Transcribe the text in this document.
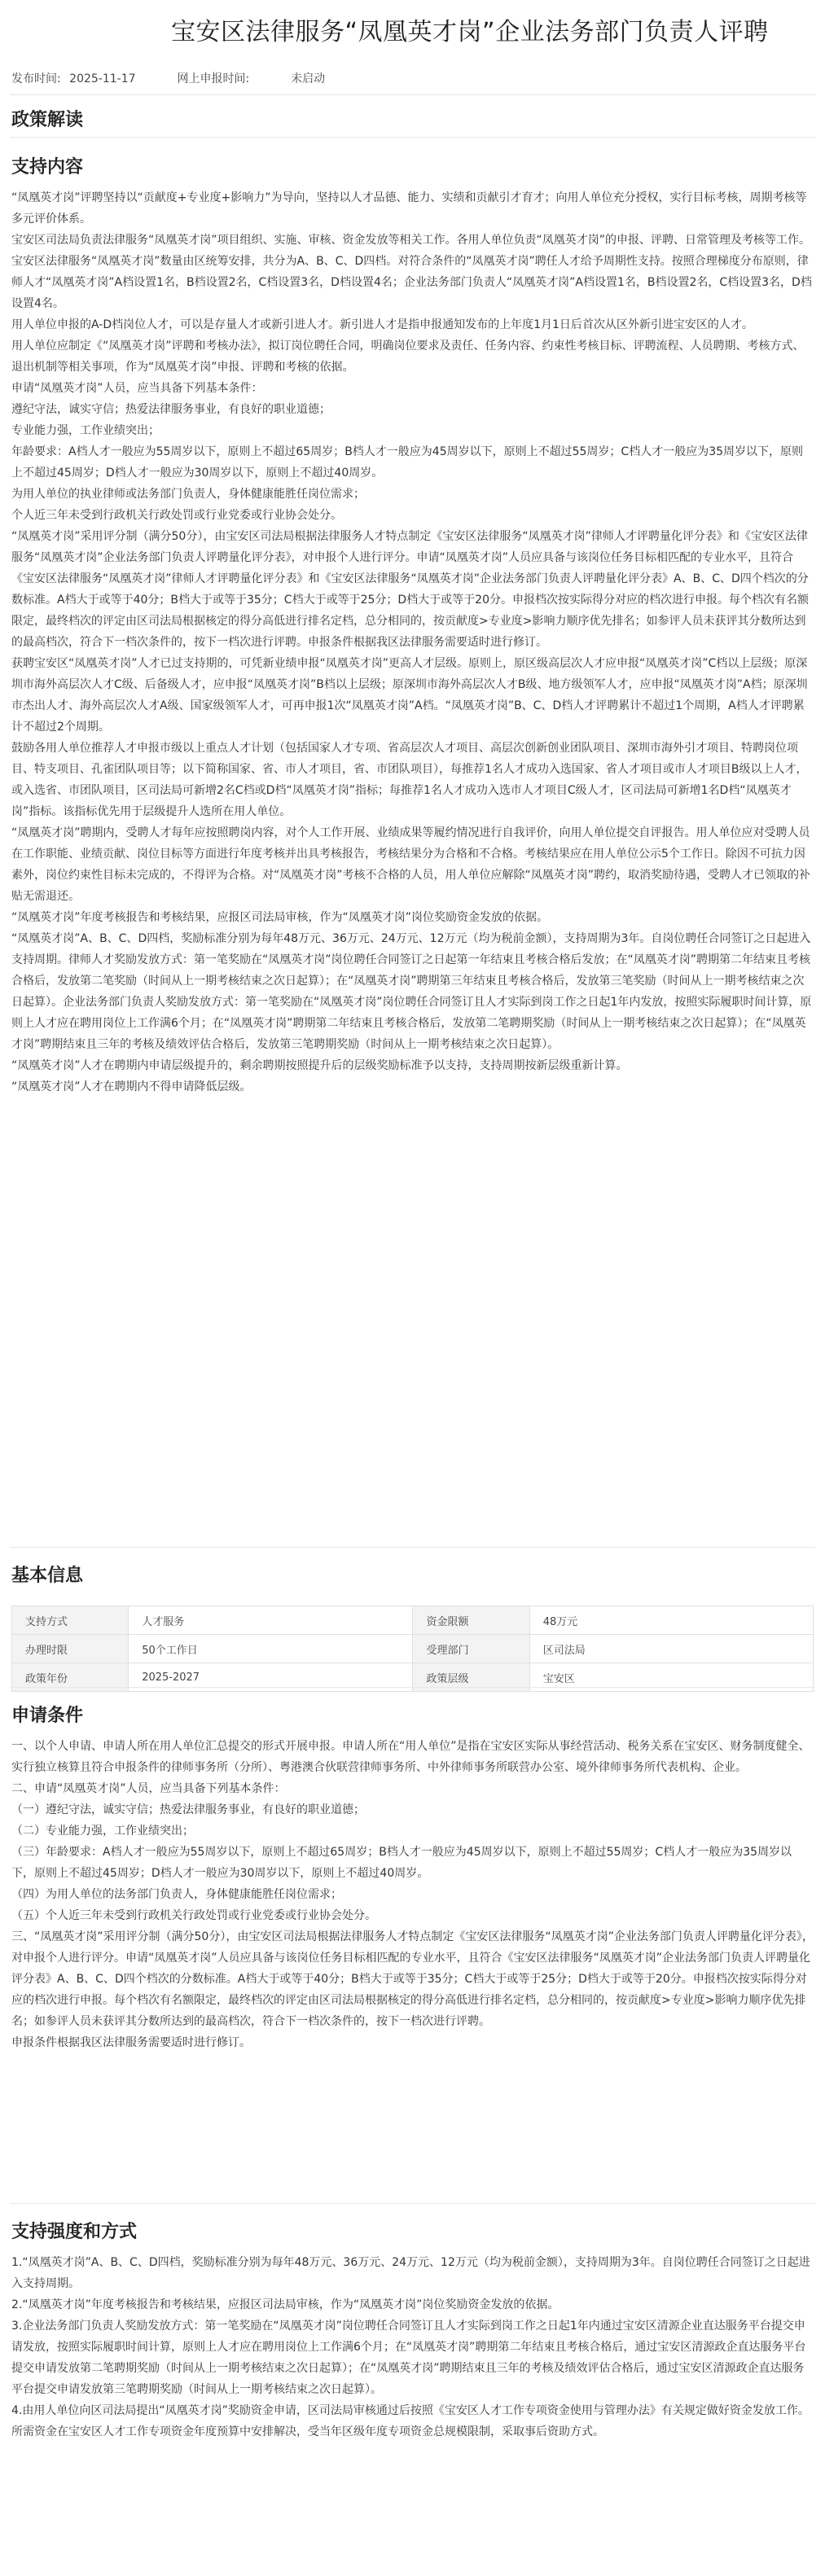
宝安区法律服务“凤凰英才岗”企业法务部门负责人评聘
发布时间: 2025-11-17	网上申报时间:	未启动
政策解读
支持内容

“凤凰英才岗”评聘坚持以“贡献度+专业度+影响力”为导向，坚持以人才品德、能力、实绩和贡献引才育才；向用人单位充分授权，实行目标考核，周期考核等多元评价体系。

宝安区司法局负责法律服务“凤凰英才岗”项目组织、实施、审核、资金发放等相关工作。各用人单位负责“凤凰英才岗”的申报、评聘、日常管理及考核等工作。

宝安区法律服务“凤凰英才岗”数量由区统筹安排，共分为A、B、C、D四档。对符合条件的“凤凰英才岗”聘任人才给予周期性支持。按照合理梯度分布原则，律师人才“凤凰英才岗”A档设置1名，B档设置2名，C档设置3名，D档设置4名；企业法务部门负责人“凤凰英才岗”A档设置1名，B档设置2名，C档设置3名，D档设置4名。

用人单位申报的A-D档岗位人才，可以是存量人才或新引进人才。新引进人才是指申报通知发布的上年度1月1日后首次从区外新引进宝安区的人才。

用人单位应制定《“凤凰英才岗”评聘和考核办法》，拟订岗位聘任合同，明确岗位要求及责任、任务内容、约束性考核目标、评聘流程、人员聘期、考核方式、退出机制等相关事项，作为“凤凰英才岗”申报、评聘和考核的依据。

申请“凤凰英才岗”人员，应当具备下列基本条件：

遵纪守法，诚实守信；热爱法律服务事业，有良好的职业道德；

专业能力强，工作业绩突出；

年龄要求：A档人才一般应为55周岁以下，原则上不超过65周岁；B档人才一般应为45周岁以下，原则上不超过55周岁；C档人才一般应为35周岁以下，原则上不超过45周岁；D档人才一般应为30周岁以下，原则上不超过40周岁。

为用人单位的执业律师或法务部门负责人，身体健康能胜任岗位需求；

个人近三年未受到行政机关行政处罚或行业党委或行业协会处分。

“凤凰英才岗”采用评分制（满分50分），由宝安区司法局根据法律服务人才特点制定《宝安区法律服务“凤凰英才岗”律师人才评聘量化评分表》和《宝安区法律服务“凤凰英才岗”企业法务部门负责人评聘量化评分表》，对申报个人进行评分。申请“凤凰英才岗”人员应具备与该岗位任务目标相匹配的专业水平，且符合《宝安区法律服务“凤凰英才岗”律师人才评聘量化评分表》和《宝安区法律服务“凤凰英才岗”企业法务部门负责人评聘量化评分表》A、B、C、D四个档次的分数标准。A档大于或等于40分；B档大于或等于35分；C档大于或等于25分；D档大于或等于20分。申报档次按实际得分对应的档次进行申报。每个档次有名额限定，最终档次的评定由区司法局根据核定的得分高低进行排名定档，总分相同的，按贡献度>专业度>影响力顺序优先排名；如参评人员未获评其分数所达到的最高档次，符合下一档次条件的，按下一档次进行评聘。申报条件根据我区法律服务需要适时进行修订。

获聘宝安区“凤凰英才岗”人才已过支持期的，可凭新业绩申报“凤凰英才岗”更高人才层级。原则上，原区级高层次人才应申报“凤凰英才岗”C档以上层级；原深圳市海外高层次人才C级、后备级人才，应申报“凤凰英才岗”B档以上层级；原深圳市海外高层次人才B级、地方级领军人才，应申报“凤凰英才岗”A档；原深圳市杰出人才、海外高层次人才A级、国家级领军人才，可再申报1次“凤凰英才岗”A档。“凤凰英才岗”B、C、D档人才评聘累计不超过1个周期，A档人才评聘累计不超过2个周期。

鼓励各用人单位推荐人才申报市级以上重点人才计划（包括国家人才专项、省高层次人才项目、高层次创新创业团队项目、深圳市海外引才项目、特聘岗位项目、特支项目、孔雀团队项目等；以下简称国家、省、市人才项目，省、市团队项目），每推荐1名人才成功入选国家、省人才项目或市人才项目B级以上人才，或入选省、市团队项目，区司法局可新增2名C档或D档“凤凰英才岗”指标；每推荐1名人才成功入选市人才项目C级人才，区司法局可新增1名D档“凤凰英才岗”指标。该指标优先用于层级提升人选所在用人单位。

“凤凰英才岗”聘期内，受聘人才每年应按照聘岗内容，对个人工作开展、业绩成果等履约情况进行自我评价，向用人单位提交自评报告。用人单位应对受聘人员在工作职能、业绩贡献、岗位目标等方面进行年度考核并出具考核报告，考核结果分为合格和不合格。考核结果应在用人单位公示5个工作日。除因不可抗力因素外，岗位约束性目标未完成的，不得评为合格。对“凤凰英才岗”考核不合格的人员，用人单位应解除“凤凰英才岗”聘约，取消奖励待遇，受聘人才已领取的补贴无需退还。

“凤凰英才岗”年度考核报告和考核结果，应报区司法局审核，作为“凤凰英才岗”岗位奖励资金发放的依据。

“凤凰英才岗”A、B、C、D四档，奖励标准分别为每年48万元、36万元、24万元、12万元（均为税前金额），支持周期为3年。自岗位聘任合同签订之日起进入支持周期。律师人才奖励发放方式：第一笔奖励在“凤凰英才岗”岗位聘任合同签订之日起第一年结束且考核合格后发放；在“凤凰英才岗”聘期第二年结束且考核合格后，发放第二笔奖励（时间从上一期考核结束之次日起算）；在“凤凰英才岗”聘期第三年结束且考核合格后，发放第三笔奖励（时间从上一期考核结束之次日起算）。企业法务部门负责人奖励发放方式：第一笔奖励在“凤凰英才岗”岗位聘任合同签订且人才实际到岗工作之日起1年内发放，按照实际履职时间计算，原则上人才应在聘用岗位上工作满6个月；在“凤凰英才岗”聘期第二年结束且考核合格后，发放第二笔聘期奖励（时间从上一期考核结束之次日起算）；在“凤凰英才岗”聘期结束且三年的考核及绩效评估合格后，发放第三笔聘期奖励（时间从上一期考核结束之次日起算）。

“凤凰英才岗”人才在聘期内申请层级提升的，剩余聘期按照提升后的层级奖励标准予以支持，支持周期按新层级重新计算。

“凤凰英才岗”人才在聘期内不得申请降低层级。

基本信息
支持方式	人才服务	资金限额	48万元
办理时限	50个工作日	受理部门	区司法局
政策年份	2025-2027	政策层级	宝安区
申请条件

一、以个人申请、申请人所在用人单位汇总提交的形式开展申报。申请人所在“用人单位”是指在宝安区实际从事经营活动、税务关系在宝安区、财务制度健全、实行独立核算且符合申报条件的律师事务所（分所）、粤港澳合伙联营律师事务所、中外律师事务所联营办公室、境外律师事务所代表机构、企业。

二、申请“凤凰英才岗”人员，应当具备下列基本条件：

（一）遵纪守法，诚实守信；热爱法律服务事业，有良好的职业道德；

（二）专业能力强，工作业绩突出；

（三）年龄要求：A档人才一般应为55周岁以下，原则上不超过65周岁；B档人才一般应为45周岁以下，原则上不超过55周岁；C档人才一般应为35周岁以下，原则上不超过45周岁；D档人才一般应为30周岁以下，原则上不超过40周岁。

（四）为用人单位的法务部门负责人，身体健康能胜任岗位需求；

（五）个人近三年未受到行政机关行政处罚或行业党委或行业协会处分。

三、“凤凰英才岗”采用评分制（满分50分），由宝安区司法局根据法律服务人才特点制定《宝安区法律服务“凤凰英才岗”企业法务部门负责人评聘量化评分表》，对申报个人进行评分。申请“凤凰英才岗”人员应具备与该岗位任务目标相匹配的专业水平，且符合《宝安区法律服务“凤凰英才岗”企业法务部门负责人评聘量化评分表》A、B、C、D四个档次的分数标准。A档大于或等于40分；B档大于或等于35分；C档大于或等于25分；D档大于或等于20分。申报档次按实际得分对应的档次进行申报。每个档次有名额限定，最终档次的评定由区司法局根据核定的得分高低进行排名定档，总分相同的，按贡献度>专业度>影响力顺序优先排名；如参评人员未获评其分数所达到的最高档次，符合下一档次条件的，按下一档次进行评聘。

申报条件根据我区法律服务需要适时进行修订。

支持强度和方式

1.“凤凰英才岗”A、B、C、D四档，奖励标准分别为每年48万元、36万元、24万元、12万元（均为税前金额），支持周期为3年。自岗位聘任合同签订之日起进入支持周期。

2.“凤凰英才岗”年度考核报告和考核结果，应报区司法局审核，作为“凤凰英才岗”岗位奖励资金发放的依据。

3.企业法务部门负责人奖励发放方式：第一笔奖励在“凤凰英才岗”岗位聘任合同签订且人才实际到岗工作之日起1年内通过宝安区清源企业直达服务平台提交申请发放，按照实际履职时间计算，原则上人才应在聘用岗位上工作满6个月；在“凤凰英才岗”聘期第二年结束且考核合格后，通过宝安区清源政企直达服务平台提交申请发放第二笔聘期奖励（时间从上一期考核结束之次日起算）；在“凤凰英才岗”聘期结束且三年的考核及绩效评估合格后，通过宝安区清源政企直达服务平台提交申请发放第三笔聘期奖励（时间从上一期考核结束之次日起算）。

4.由用人单位向区司法局提出“凤凰英才岗”奖励资金申请，区司法局审核通过后按照《宝安区人才工作专项资金使用与管理办法》有关规定做好资金发放工作。所需资金在宝安区人才工作专项资金年度预算中安排解决，受当年区级年度专项资金总规模限制，采取事后资助方式。
